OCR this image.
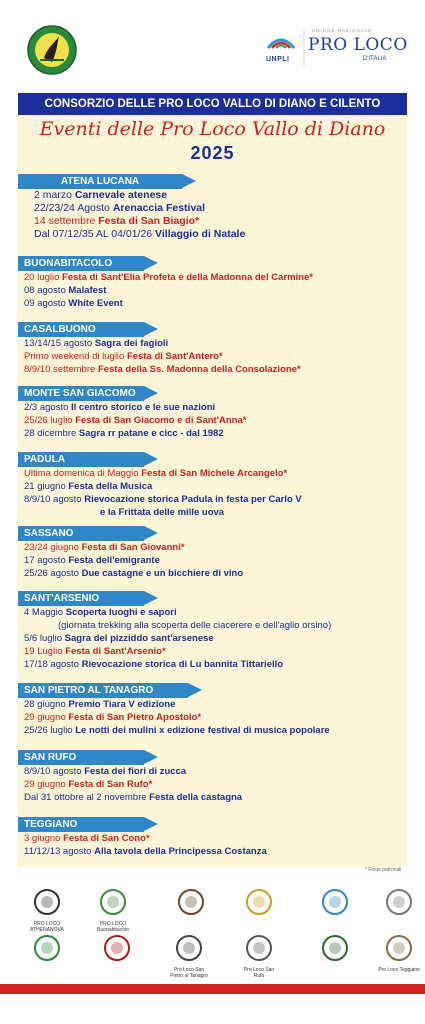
UNPLI
UNIONE NAZIONALE
PRO LOCO
D'ITALIA
CONSORZIO DELLE PRO LOCO VALLO DI DIANO E CILENTO
Eventi delle Pro Loco Vallo di Diano
2025
ATENA LUCANA
2 marzo Carnevale atenese
22/23/24 Agosto Arenaccia Festival
14 settembre Festa di San Biagio*
Dal 07/12/35 AL 04/01/26 Villaggio di Natale
BUONABITACOLO
20 luglio Festa di Sant'Elia Profeta e della Madonna del Carmine*
08 agosto Malafest
09 agosto White Event
CASALBUONO
13/14/15 agosto Sagra dei fagioli
Primo weekend di luglio Festa di Sant'Antero*
8/9/10 settembre Festa della Ss. Madonna della Consolazione*
MONTE SAN GIACOMO
2/3 agosto Il centro storico e le sue nazioni
25/26 luglio Festa di San Giacomo e di Sant'Anna*
28 dicembre Sagra rr patane e cicc - dal 1982
PADULA
Ultima domenica di Maggio Festa di San Michele Arcangelo*
21 giugno Festa della Musica
8/9/10 agosto Rievocazione storica Padula in festa per Carlo V
e la Frittata delle mille uova
SASSANO
23/24 giugno Festa di San Giovanni*
17 agosto Festa dell'emigrante
25/26 agosto Due castagne e un bicchiere di vino
SANT'ARSENIO
4 Maggio Scoperta luoghi e sapori
(giornata trekking alla scoperta delle ciacerere e dell'aglio orsino)
5/6 luglio Sagra del pizziddo sant'arsenese
19 Luglio Festa di Sant'Arsenio*
17/18 agosto Rievocazione storica di Lu bannita Tittariello
SAN PIETRO AL TANAGRO
28 giugno Premio Tiara V edizione
29 giugno Festa di San Pietro Apostolo*
25/26 luglio Le notti dei mulini x edizione festival di musica popolare
SAN RUFO
8/9/10 agosto Festa dei fiori di zucca
29 giugno Festa di San Rufo*
Dal 31 ottobre al 2 novembre Festa della castagna
TEGGIANO
3 giugno Festa di San Cono*
11/12/13 agosto Alla tavola della Principessa Costanza
* Feste patronali
PRO LOCO ATHENANOVA
PRO LOCO Buonabitacolo
Pro Loco San Pietro al Tanagro
Pro Loco San Rufo
Pro Loco Teggiano
